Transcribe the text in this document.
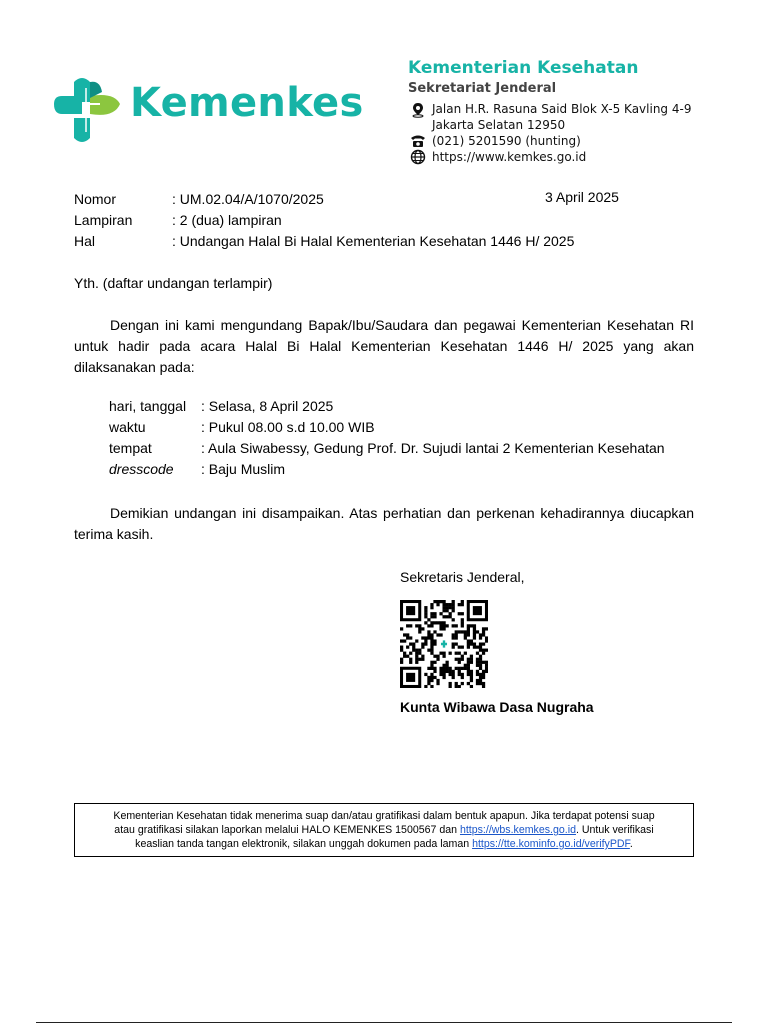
Kemenkes
Kementerian Kesehatan
Sekretariat Jenderal
Jalan H.R. Rasuna Said Blok X-5 Kavling 4-9
Jakarta Selatan 12950
(021) 5201590 (hunting)
https://www.kemkes.go.id
Nomor	: UM.02.04/A/1070/2025	3 April 2025
Lampiran	: 2 (dua) lampiran
Hal	: Undangan Halal Bi Halal Kementerian Kesehatan 1446 H/ 2025
Yth. (daftar undangan terlampir)
Dengan ini kami mengundang Bapak/Ibu/Saudara dan pegawai Kementerian Kesehatan RI untuk hadir pada acara Halal Bi Halal Kementerian Kesehatan 1446 H/ 2025 yang akan dilaksanakan pada:
hari, tanggal : Selasa, 8 April 2025
waktu	: Pukul 08.00 s.d 10.00 WIB
tempat	: Aula Siwabessy, Gedung Prof. Dr. Sujudi lantai 2 Kementerian Kesehatan
dresscode : Baju Muslim
Demikian undangan ini disampaikan. Atas perhatian dan perkenan kehadirannya diucapkan terima kasih.
Sekretaris Jenderal,
Kunta Wibawa Dasa Nugraha
Kementerian Kesehatan tidak menerima suap dan/atau gratifikasi dalam bentuk apapun. Jika terdapat potensi suap
atau gratifikasi silakan laporkan melalui HALO KEMENKES 1500567 dan https://wbs.kemkes.go.id. Untuk verifikasi
keaslian tanda tangan elektronik, silakan unggah dokumen pada laman https://tte.kominfo.go.id/verifyPDF.
